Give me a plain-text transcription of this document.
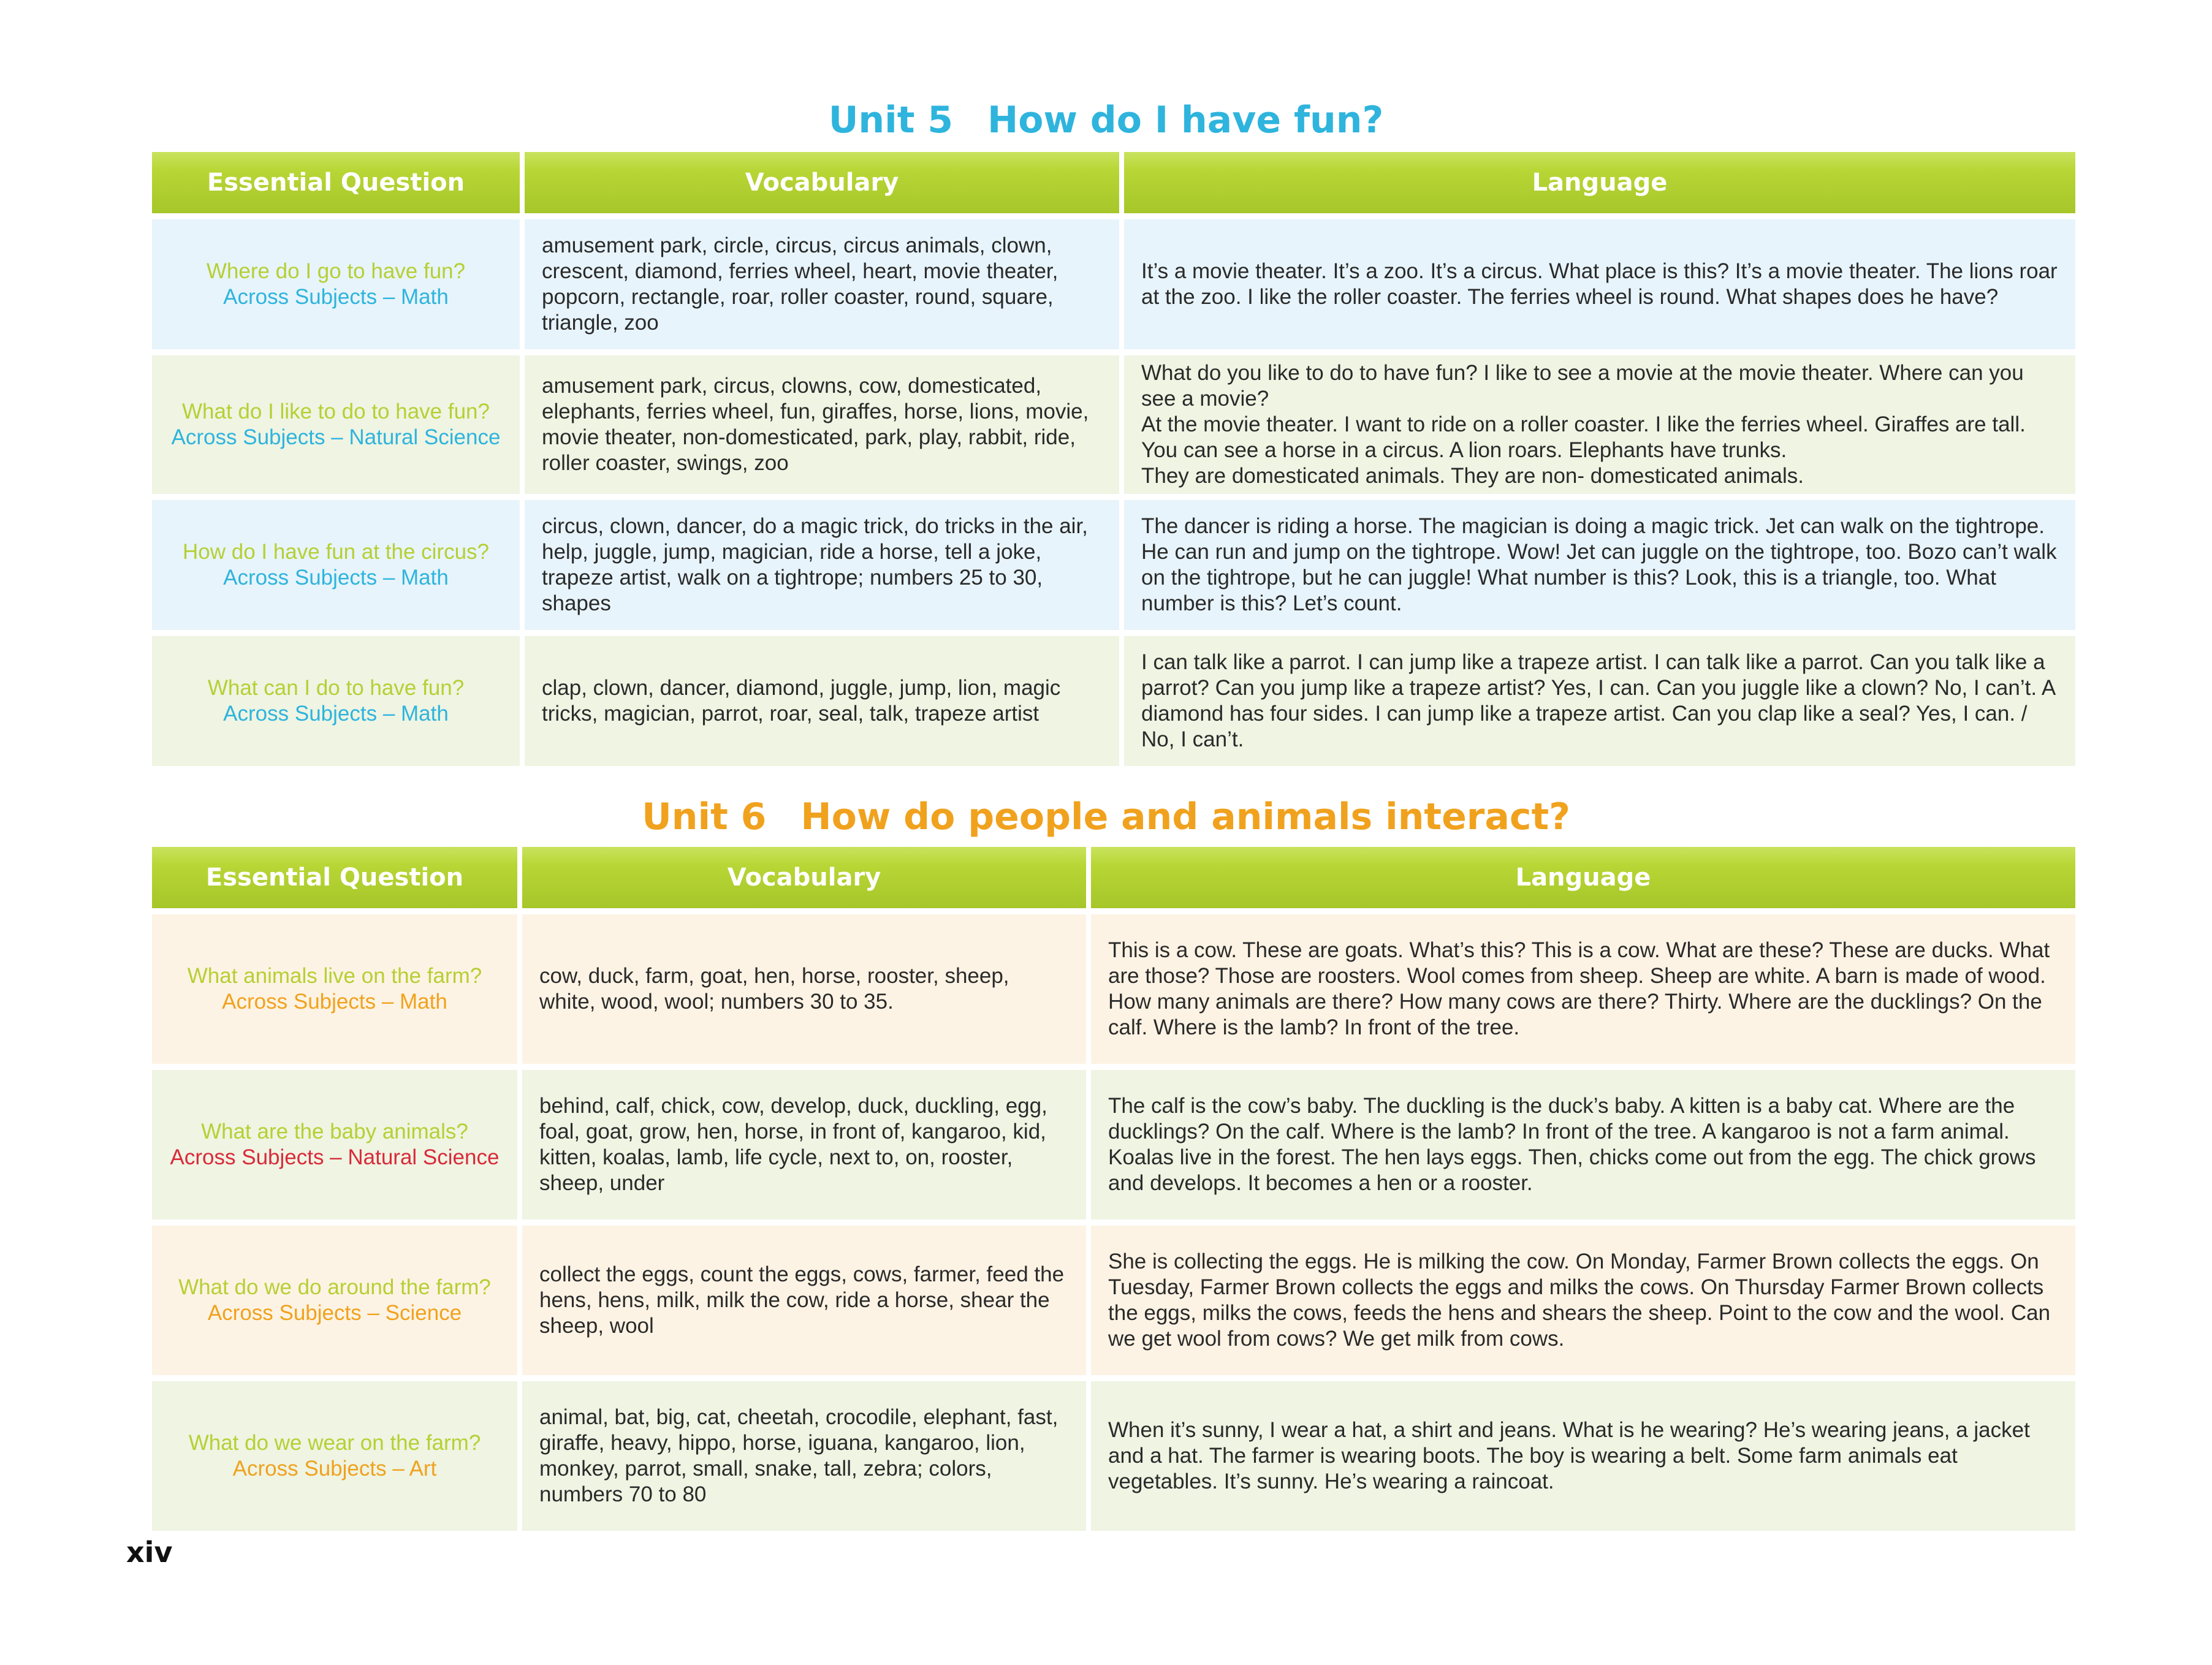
Unit 5 How do I have fun?
Essential Question	Vocabulary	Language

Where do I go to have fun?
Across Subjects – Math	amusement park, circle, circus, circus animals, clown, crescent, diamond, ferries wheel, heart, movie theater, popcorn, rectangle, roar, roller coaster, round, square, triangle, zoo	It’s a movie theater. It’s a zoo. It’s a circus. What place is this? It’s a movie theater. The lions roar at the zoo. I like the roller coaster. The ferries wheel is round. What shapes does he have?

What do I like to do to have fun?
Across Subjects – Natural Science	amusement park, circus, clowns, cow, domesticated, elephants, ferries wheel, fun, giraffes, horse, lions, movie, movie theater, non-domesticated, park, play, rabbit, ride, roller coaster, swings, zoo	What do you like to do to have fun? I like to see a movie at the movie theater. Where can you see a movie?
At the movie theater. I want to ride on a roller coaster. I like the ferries wheel. Giraffes are tall. You can see a horse in a circus. A lion roars. Elephants have trunks.
They are domesticated animals. They are non- domesticated animals.

How do I have fun at the circus?
Across Subjects – Math	circus, clown, dancer, do a magic trick, do tricks in the air, help, juggle, jump, magician, ride a horse, tell a joke, trapeze artist, walk on a tightrope; numbers 25 to 30, shapes	The dancer is riding a horse. The magician is doing a magic trick. Jet can walk on the tightrope. He can run and jump on the tightrope. Wow! Jet can juggle on the tightrope, too. Bozo can’t walk on the tightrope, but he can juggle! What number is this? Look, this is a triangle, too. What number is this? Let’s count.

What can I do to have fun?
Across Subjects – Math	clap, clown, dancer, diamond, juggle, jump, lion, magic tricks, magician, parrot, roar, seal, talk, trapeze artist	I can talk like a parrot. I can jump like a trapeze artist. I can talk like a parrot. Can you talk like a parrot? Can you jump like a trapeze artist? Yes, I can. Can you juggle like a clown? No, I can’t. A diamond has four sides. I can jump like a trapeze artist. Can you clap like a seal? Yes, I can. / No, I can’t.
Unit 6 How do people and animals interact?
Essential Question	Vocabulary	Language

What animals live on the farm?
Across Subjects – Math	cow, duck, farm, goat, hen, horse, rooster, sheep, white, wood, wool; numbers 30 to 35.	This is a cow. These are goats. What’s this? This is a cow. What are these? These are ducks. What are those? Those are roosters. Wool comes from sheep. Sheep are white. A barn is made of wood. How many animals are there? How many cows are there? Thirty. Where are the ducklings? On the calf. Where is the lamb? In front of the tree.

What are the baby animals?
Across Subjects – Natural Science	behind, calf, chick, cow, develop, duck, duckling, egg, foal, goat, grow, hen, horse, in front of, kangaroo, kid, kitten, koalas, lamb, life cycle, next to, on, rooster, sheep, under	The calf is the cow’s baby. The duckling is the duck’s baby. A kitten is a baby cat. Where are the ducklings? On the calf. Where is the lamb? In front of the tree. A kangaroo is not a farm animal. Koalas live in the forest. The hen lays eggs. Then, chicks come out from the egg. The chick grows and develops. It becomes a hen or a rooster.

What do we do around the farm?
Across Subjects – Science	collect the eggs, count the eggs, cows, farmer, feed the hens, hens, milk, milk the cow, ride a horse, shear the sheep, wool	She is collecting the eggs. He is milking the cow. On Monday, Farmer Brown collects the eggs. On Tuesday, Farmer Brown collects the eggs and milks the cows. On Thursday Farmer Brown collects the eggs, milks the cows, feeds the hens and shears the sheep. Point to the cow and the wool. Can we get wool from cows? We get milk from cows.

What do we wear on the farm?
Across Subjects – Art	animal, bat, big, cat, cheetah, crocodile, elephant, fast, giraffe, heavy, hippo, horse, iguana, kangaroo, lion, monkey, parrot, small, snake, tall, zebra; colors, numbers 70 to 80	When it’s sunny, I wear a hat, a shirt and jeans. What is he wearing? He’s wearing jeans, a jacket and a hat. The farmer is wearing boots. The boy is wearing a belt. Some farm animals eat vegetables. It’s sunny. He’s wearing a raincoat.
xiv
